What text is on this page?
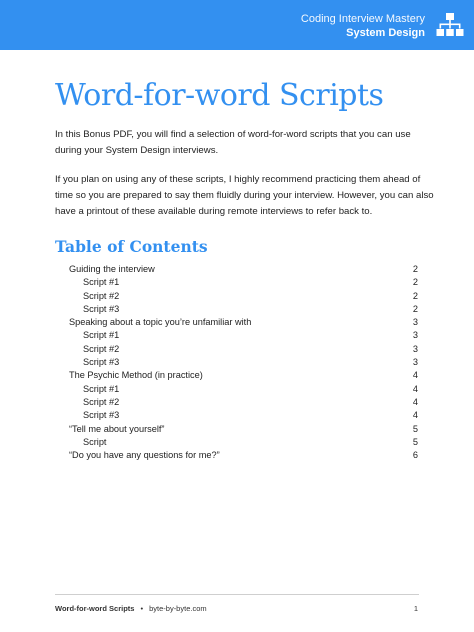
Coding Interview Mastery
System Design
Word-for-word Scripts
In this Bonus PDF, you will find a selection of word-for-word scripts that you can use during your System Design interviews.
If you plan on using any of these scripts, I highly recommend practicing them ahead of time so you are prepared to say them fluidly during your interview. However, you can also have a printout of these available during remote interviews to refer back to.
Table of Contents
Guiding the interview	2
Script #1	2
Script #2	2
Script #3	2
Speaking about a topic you’re unfamiliar with	3
Script #1	3
Script #2	3
Script #3	3
The Psychic Method (in practice)	4
Script #1	4
Script #2	4
Script #3	4
“Tell me about yourself”	5
Script	5
“Do you have any questions for me?”	6
Word-for-word Scripts • byte-by-byte.com	1
